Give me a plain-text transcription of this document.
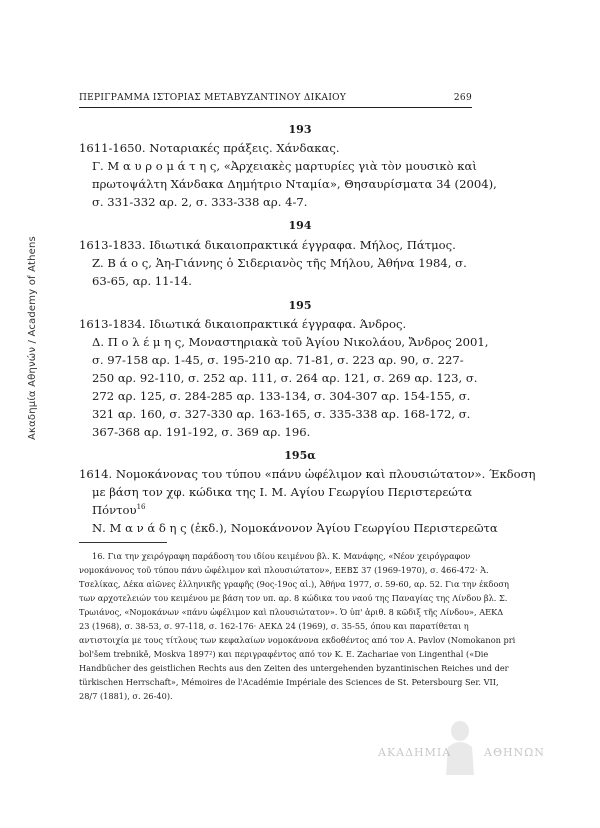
Ακαδημία Αθηνών / Academy of Athens
ΠΕΡΙΓΡΑΜΜΑ ΙΣΤΟΡΙΑΣ ΜΕΤΑΒΥΖΑΝΤΙΝΟΥ ΔΙΚΑΙΟΥ	269
193
1611-1650. Νοταριακές πράξεις. Χάνδακας.
Γ. Μ α υ ρ ο μ ά τ η ς, «Ἀρχειακὲς μαρτυρίες γιὰ τὸν μουσικὸ καὶ
πρωτοψάλτη Χάνδακα Δημήτριο Νταμία», Θησαυρίσματα 34 (2004),
σ. 331-332 αρ. 2, σ. 333-338 αρ. 4-7.
194
1613-1833. Ιδιωτικά δικαιοπρακτικά έγγραφα. Μήλος, Πάτμος.
Ζ. Β ά ο ς, Ἁη-Γιάννης ὁ Σιδεριανὸς τῆς Μήλου, Ἀθήνα 1984, σ.
63-65, αρ. 11-14.
195
1613-1834. Ιδιωτικά δικαιοπρακτικά έγγραφα. Άνδρος.
Δ. Π ο λ έ μ η ς, Μοναστηριακὰ τοῦ Ἁγίου Νικολάου, Ἄνδρος 2001,
σ. 97-158 αρ. 1-45, σ. 195-210 αρ. 71-81, σ. 223 αρ. 90, σ. 227-
250 αρ. 92-110, σ. 252 αρ. 111, σ. 264 αρ. 121, σ. 269 αρ. 123, σ.
272 αρ. 125, σ. 284-285 αρ. 133-134, σ. 304-307 αρ. 154-155, σ.
321 αρ. 160, σ. 327-330 αρ. 163-165, σ. 335-338 αρ. 168-172, σ.
367-368 αρ. 191-192, σ. 369 αρ. 196.
195α
1614. Νομοκάνονας του τύπου «πάνυ ὠφέλιμον καὶ πλουσιώτατον». Έκδοση
με βάση τον χφ. κώδικα της Ι. Μ. Αγίου Γεωργίου Περιστερεώτα
Πόντου$^{16}$
Ν. Μ α ν ά δ η ς (ἐκδ.), Νομοκάνονον Ἁγίου Γεωργίου Περιστερεῶτα
16. Για την χειρόγραφη παράδοση του ιδίου κειμένου βλ. Κ. Μανάφης, «Νέον χειρόγραφον
νομοκάνονος τοῦ τύπου πάνυ ὠφέλιμον καὶ πλουσιώτατον», ΕΕΒΣ 37 (1969-1970), σ. 466-472· Ἀ.
Τσελίκας, Δέκα αἰῶνες ἑλληνικῆς γραφῆς (9ος-19ος αἰ.), Ἀθήνα 1977, σ. 59-60, αρ. 52. Για την έκδοση
των αρχοτελειών του κειμένου με βάση τον υπ. αρ. 8 κώδικα του ναού της Παναγίας της Λίνδου βλ. Σ.
Τρωιάνος, «Νομοκάνων «πάνυ ὠφέλιμον καὶ πλουσιώτατον». Ὁ ὑπ' ἀριθ. 8 κῶδιξ τῆς Λίνδου», ΑΕΚΔ
23 (1968), σ. 38-53, σ. 97-118, σ. 162-176· ΑΕΚΔ 24 (1969), σ. 35-55, όπου και παρατίθεται η
αντιστοιχία με τους τίτλους των κεφαλαίων νομοκάνονα εκδοθέντος από τον A. Pavlov (Nomokanon pri
bol'šem trebnikě, Moskva 1897²) και περιγραφέντος από τον K. E. Zachariae von Lingenthal («Die
Handbücher des geistlichen Rechts aus den Zeiten des untergehenden byzantinischen Reiches und der
türkischen Herrschaft», Mémoires de l'Académie Impériale des Sciences de St. Petersbourg Ser. VII,
28/7 (1881), σ. 26-40).
ΑΚΑΔΗΜΙΑ	ΑΘΗΝΩΝ
